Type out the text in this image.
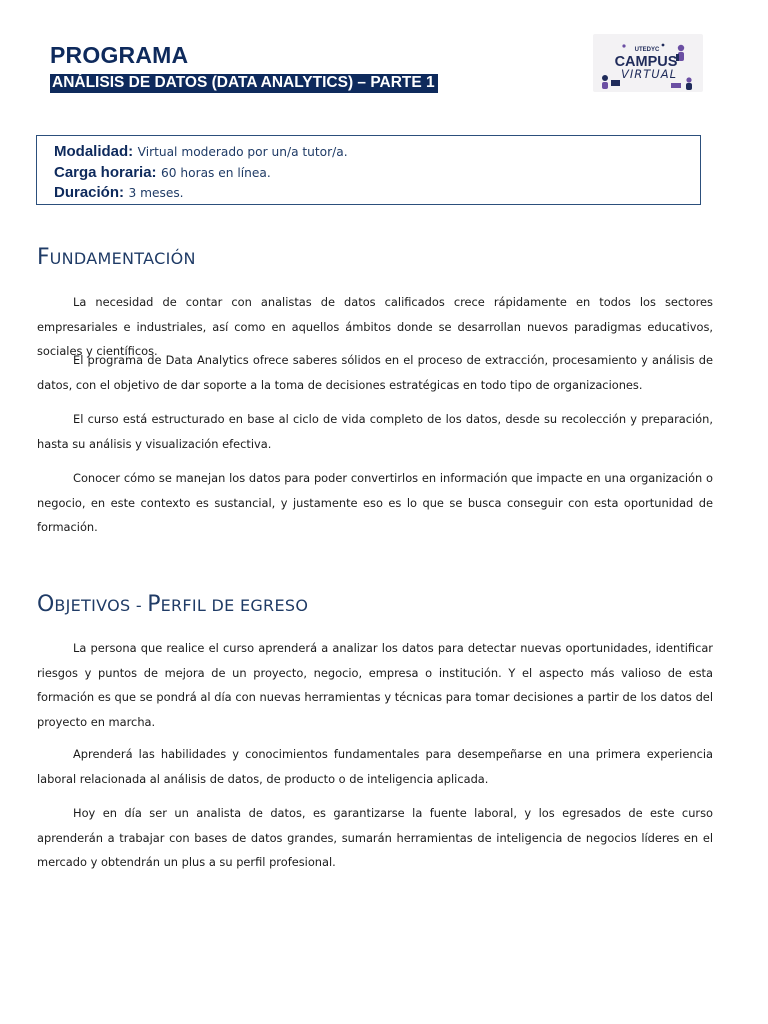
PROGRAMA
ANÁLISIS DE DATOS (DATA ANALYTICS) – PARTE 1
UTEDYC
CAMPUS
VIRTUAL
Modalidad: Virtual moderado por un/a tutor/a.
Carga horaria: 60 horas en línea.
Duración: 3 meses.
FUNDAMENTACIÓN

La necesidad de contar con analistas de datos calificados crece rápidamente en todos los sectores empresariales e industriales, así como en aquellos ámbitos donde se desarrollan nuevos paradigmas educativos, sociales y científicos.

El programa de Data Analytics ofrece saberes sólidos en el proceso de extracción, procesamiento y análisis de datos, con el objetivo de dar soporte a la toma de decisiones estratégicas en todo tipo de organizaciones.

El curso está estructurado en base al ciclo de vida completo de los datos, desde su recolección y preparación, hasta su análisis y visualización efectiva.

Conocer cómo se manejan los datos para poder convertirlos en información que impacte en una organización o negocio, en este contexto es sustancial, y justamente eso es lo que se busca conseguir con esta oportunidad de formación.

OBJETIVOS - PERFIL DE EGRESO

La persona que realice el curso aprenderá a analizar los datos para detectar nuevas oportunidades, identificar riesgos y puntos de mejora de un proyecto, negocio, empresa o institución. Y el aspecto más valioso de esta formación es que se pondrá al día con nuevas herramientas y técnicas para tomar decisiones a partir de los datos del proyecto en marcha.

Aprenderá las habilidades y conocimientos fundamentales para desempeñarse en una primera experiencia laboral relacionada al análisis de datos, de producto o de inteligencia aplicada.

Hoy en día ser un analista de datos, es garantizarse la fuente laboral, y los egresados de este curso aprenderán a trabajar con bases de datos grandes, sumarán herramientas de inteligencia de negocios líderes en el mercado y obtendrán un plus a su perfil profesional.
